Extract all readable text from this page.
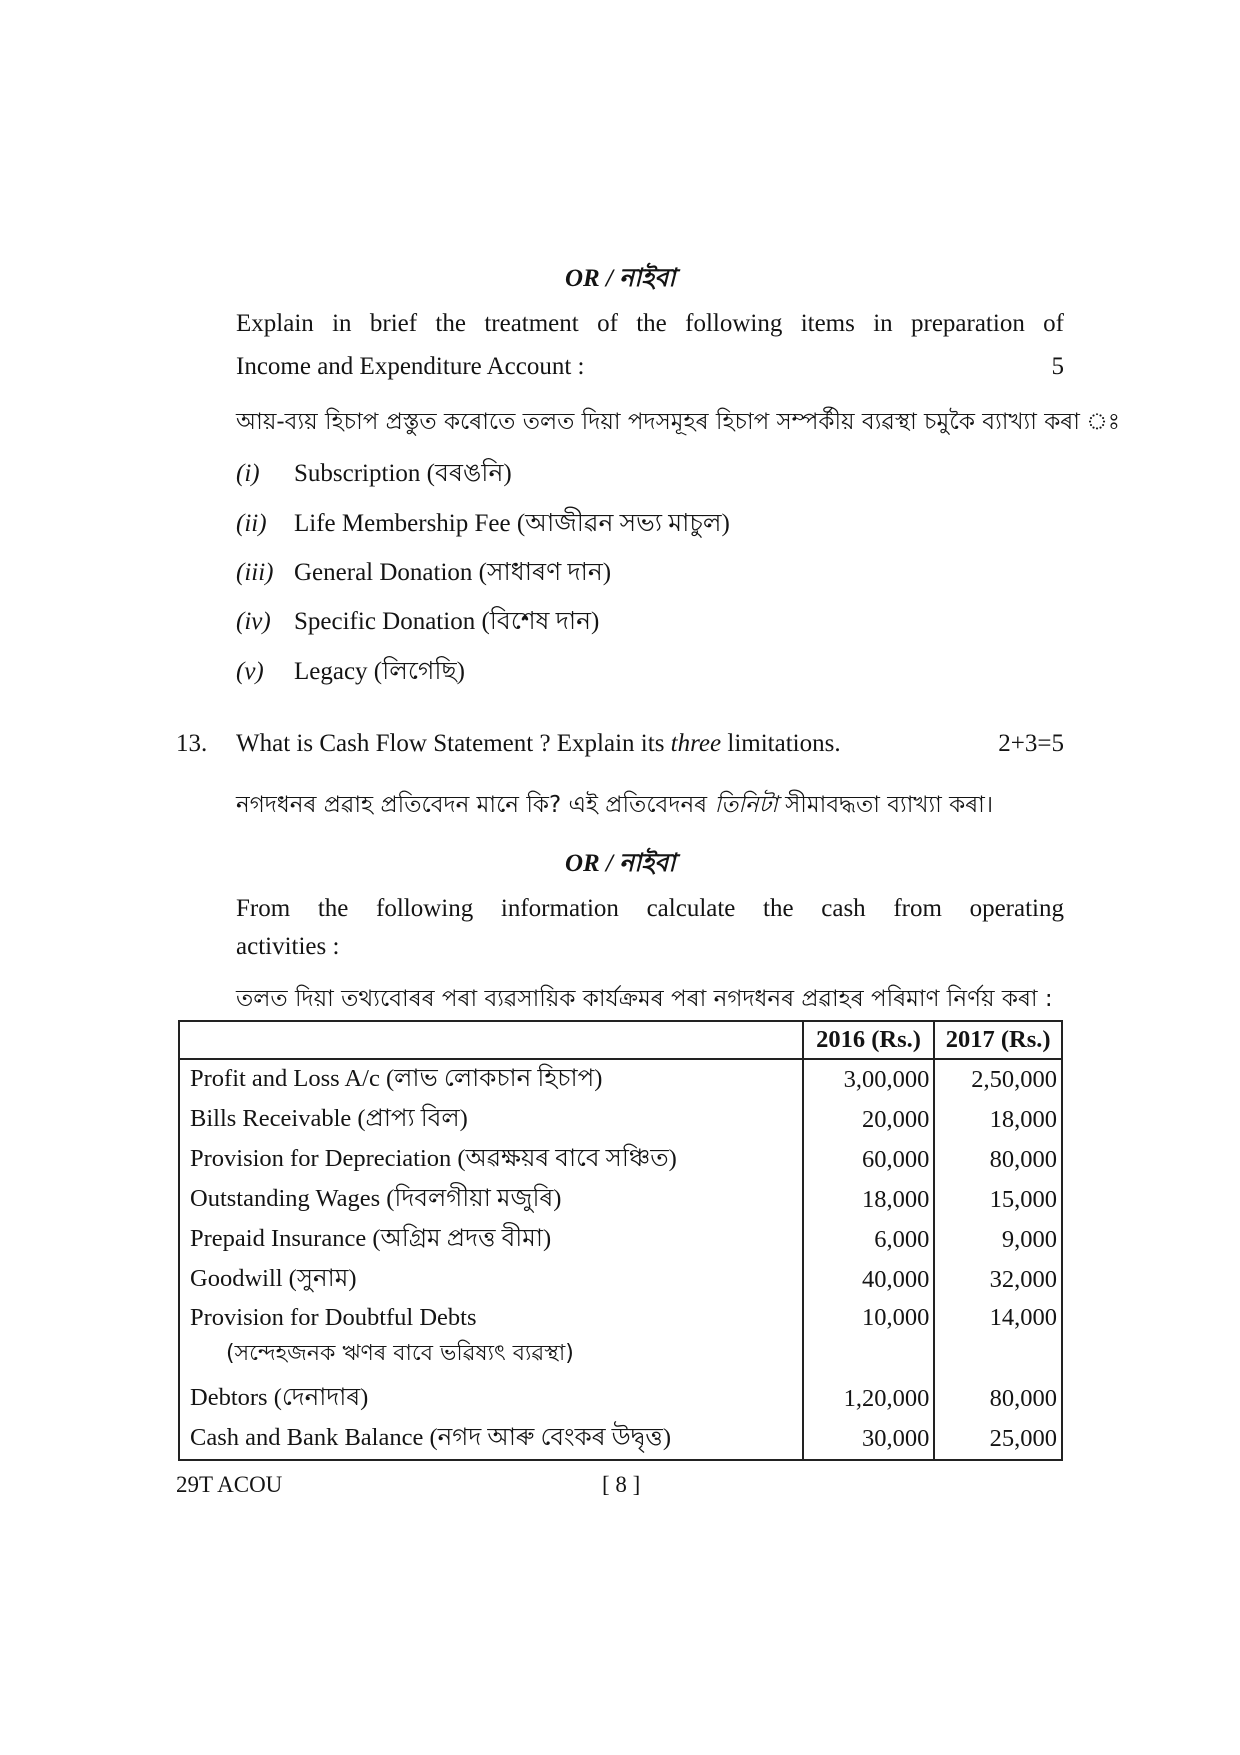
OR / নাইবা
Explain in brief the treatment of the following items in preparation of
Income and Expenditure Account :	5
আয়-ব্যয় হিচাপ প্ৰস্তুত কৰোতে তলত দিয়া পদসমূহৰ হিচাপ সম্পৰ্কীয় ব্যৱস্থা চমুকৈ ব্যাখ্যা কৰা ঃ
(i) Subscription (বৰঙনি)
(ii) Life Membership Fee (আজীৱন সভ্য মাচুল)
(iii) General Donation (সাধাৰণ দান)
(iv) Specific Donation (বিশেষ দান)
(v) Legacy (লিগেছি)
13. What is Cash Flow Statement ? Explain its three limitations.	2+3=5
নগদধনৰ প্ৰৱাহ প্ৰতিবেদন মানে কি? এই প্ৰতিবেদনৰ তিনিটা সীমাবদ্ধতা ব্যাখ্যা কৰা।
OR / নাইবা
From the following information calculate the cash from operating
activities :
তলত দিয়া তথ্যবোৰৰ পৰা ব্যৱসায়িক কাৰ্যক্ৰমৰ পৰা নগদধনৰ প্ৰৱাহৰ পৰিমাণ নিৰ্ণয় কৰা :
	2016 (Rs.)	2017 (Rs.)
Profit and Loss A/c (লাভ লোকচান হিচাপ)	3,00,000	2,50,000
Bills Receivable (প্ৰাপ্য বিল)	20,000	18,000
Provision for Depreciation (অৱক্ষয়ৰ বাবে সঞ্চিত)	60,000	80,000
Outstanding Wages (দিবলগীয়া মজুৰি)	18,000	15,000
Prepaid Insurance (অগ্ৰিম প্ৰদত্ত বীমা)	6,000	9,000
Goodwill (সুনাম)	40,000	32,000
Provision for Doubtful Debts
(সন্দেহজনক ঋণৰ বাবে ভৱিষ্যৎ ব্যৱস্থা)	10,000	14,000
Debtors (দেনাদাৰ)	1,20,000	80,000
Cash and Bank Balance (নগদ আৰু বেংকৰ উদ্বৃত্ত)	30,000	25,000
29T ACOU	[ 8 ]
